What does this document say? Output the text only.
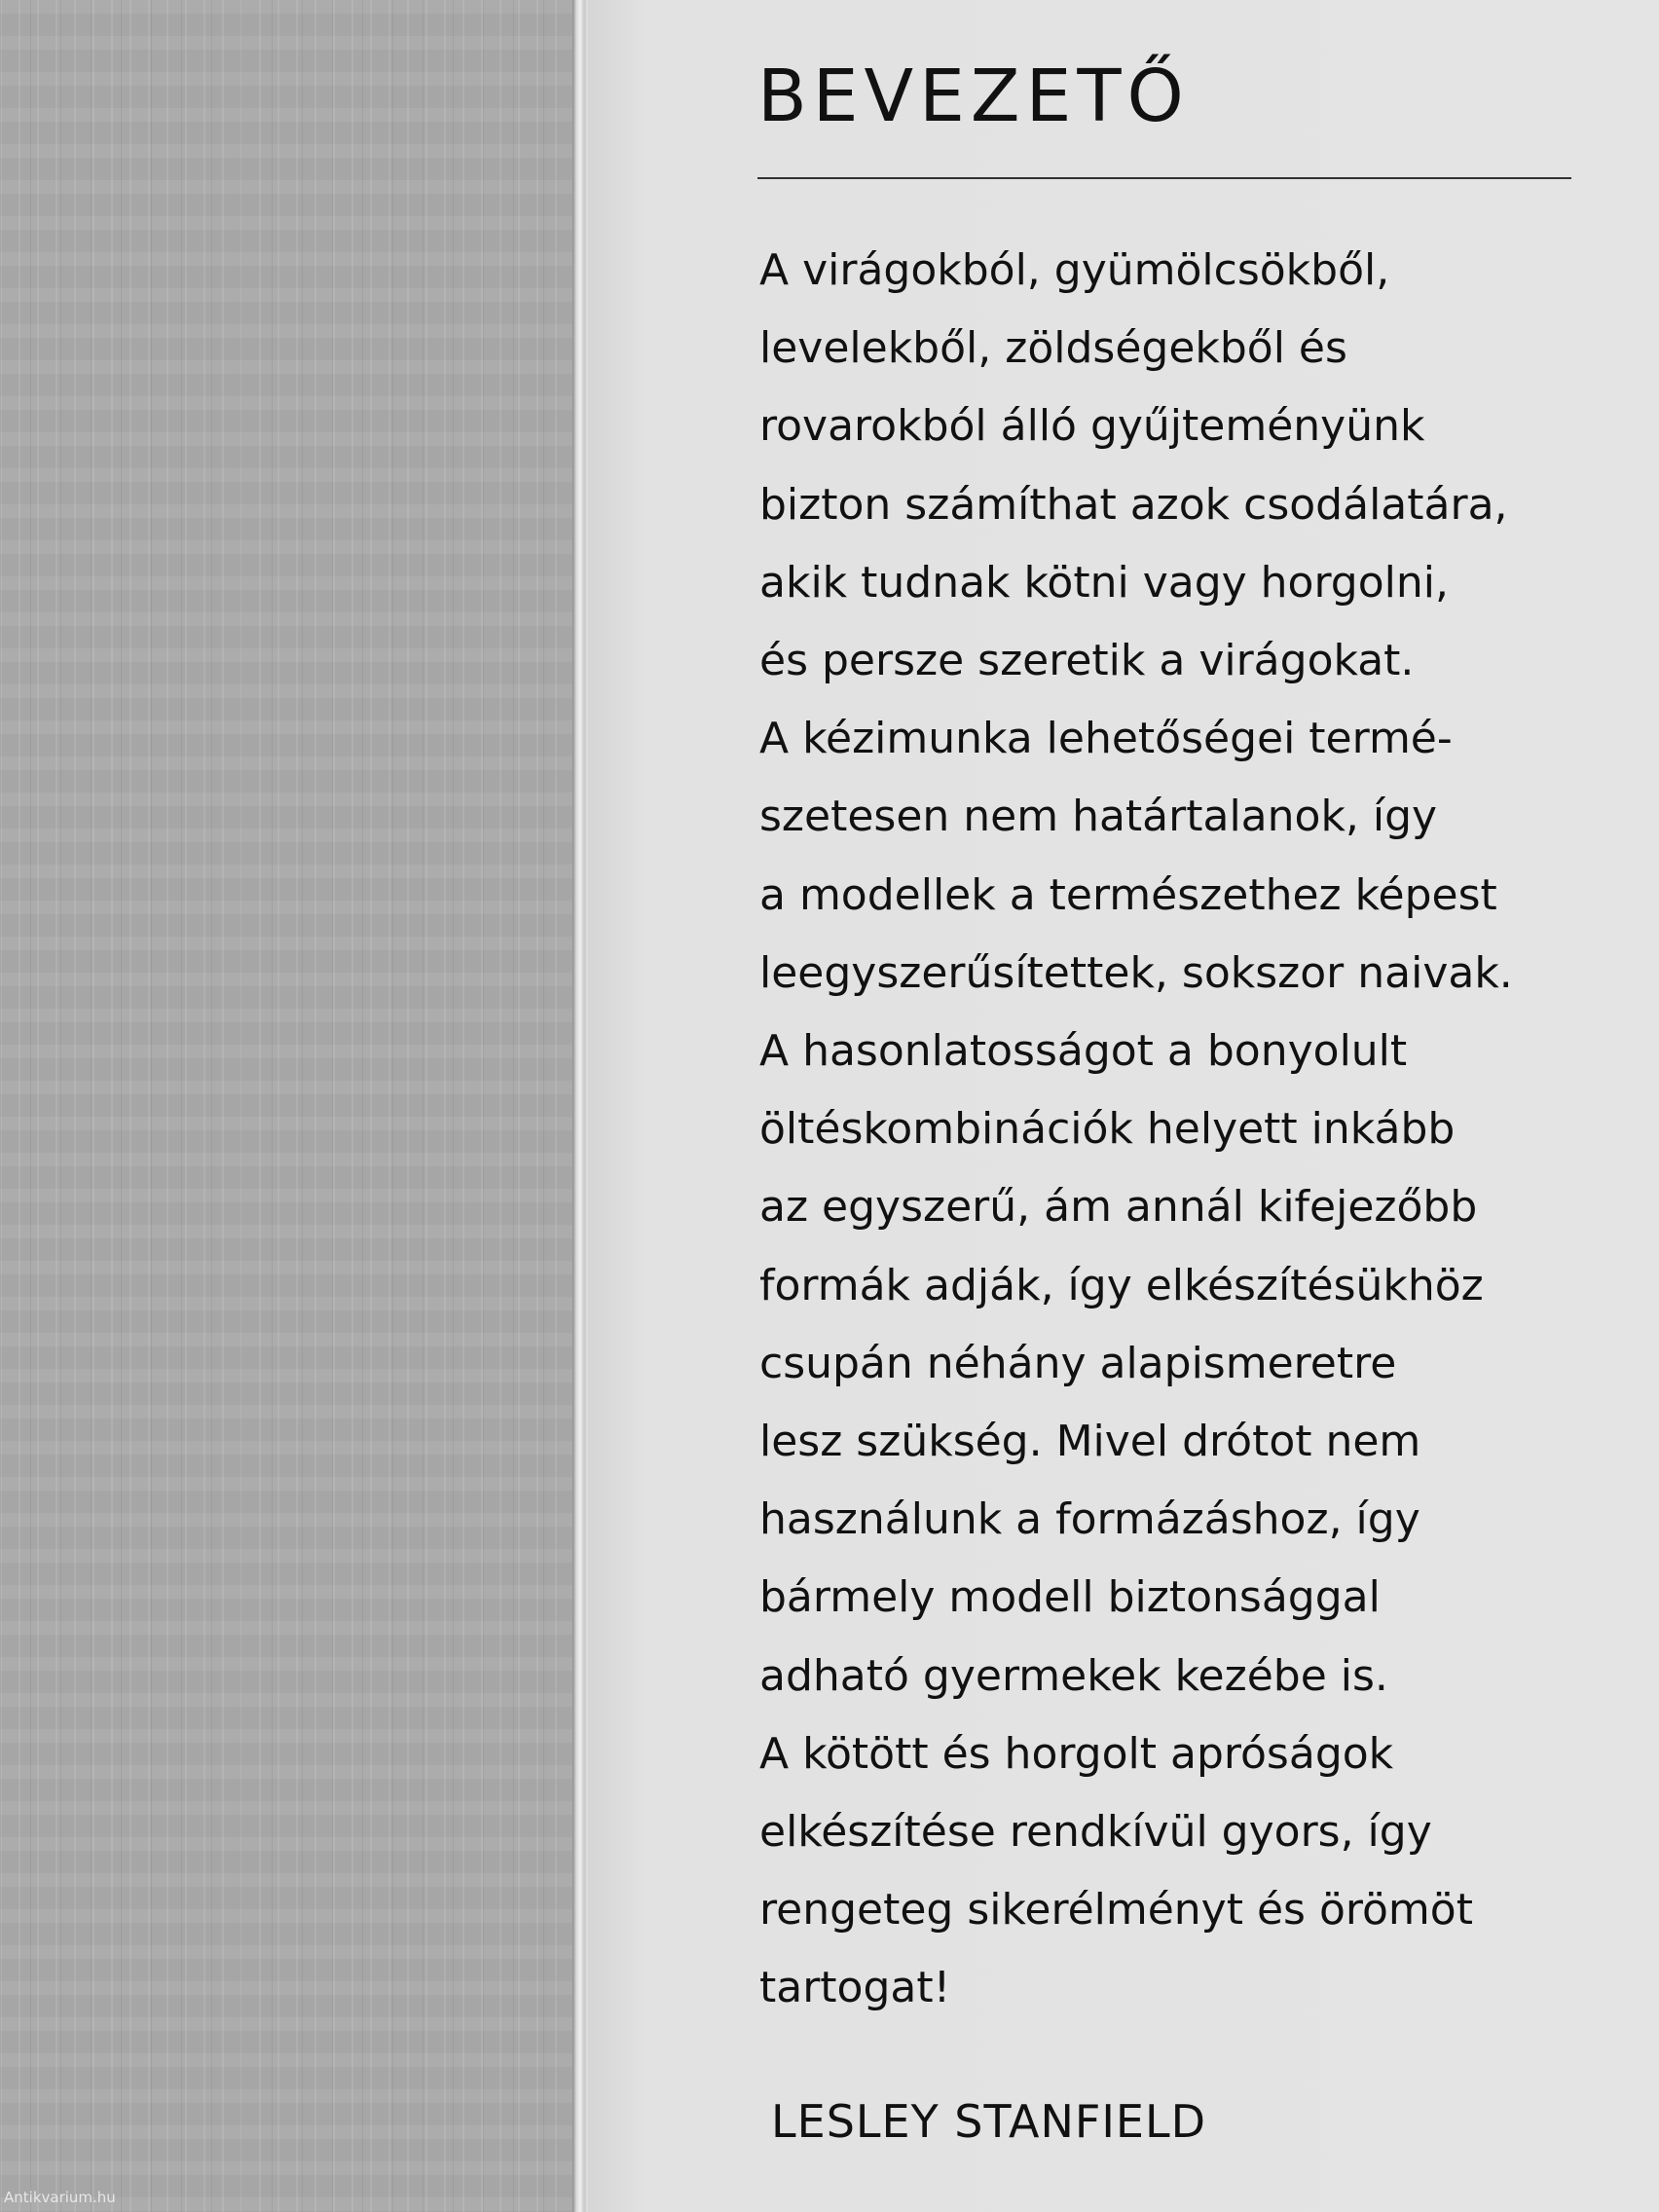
BEVEZETŐ
A virágokból, gyümölcsökből,
levelekből, zöldségekből és
rovarokból álló gyűjteményünk
bizton számíthat azok csodálatára,
akik tudnak kötni vagy horgolni,
és persze szeretik a virágokat.
A kézimunka lehetőségei termé-
szetesen nem határtalanok, így
a modellek a természethez képest
leegyszerűsítettek, sokszor naivak.
A hasonlatosságot a bonyolult
öltéskombinációk helyett inkább
az egyszerű, ám annál kifejezőbb
formák adják, így elkészítésükhöz
csupán néhány alapismeretre
lesz szükség. Mivel drótot nem
használunk a formázáshoz, így
bármely modell biztonsággal
adható gyermekek kezébe is.
A kötött és horgolt apróságok
elkészítése rendkívül gyors, így
rengeteg sikerélményt és örömöt
tartogat!
LESLEY STANFIELD
Antikvarium.hu
